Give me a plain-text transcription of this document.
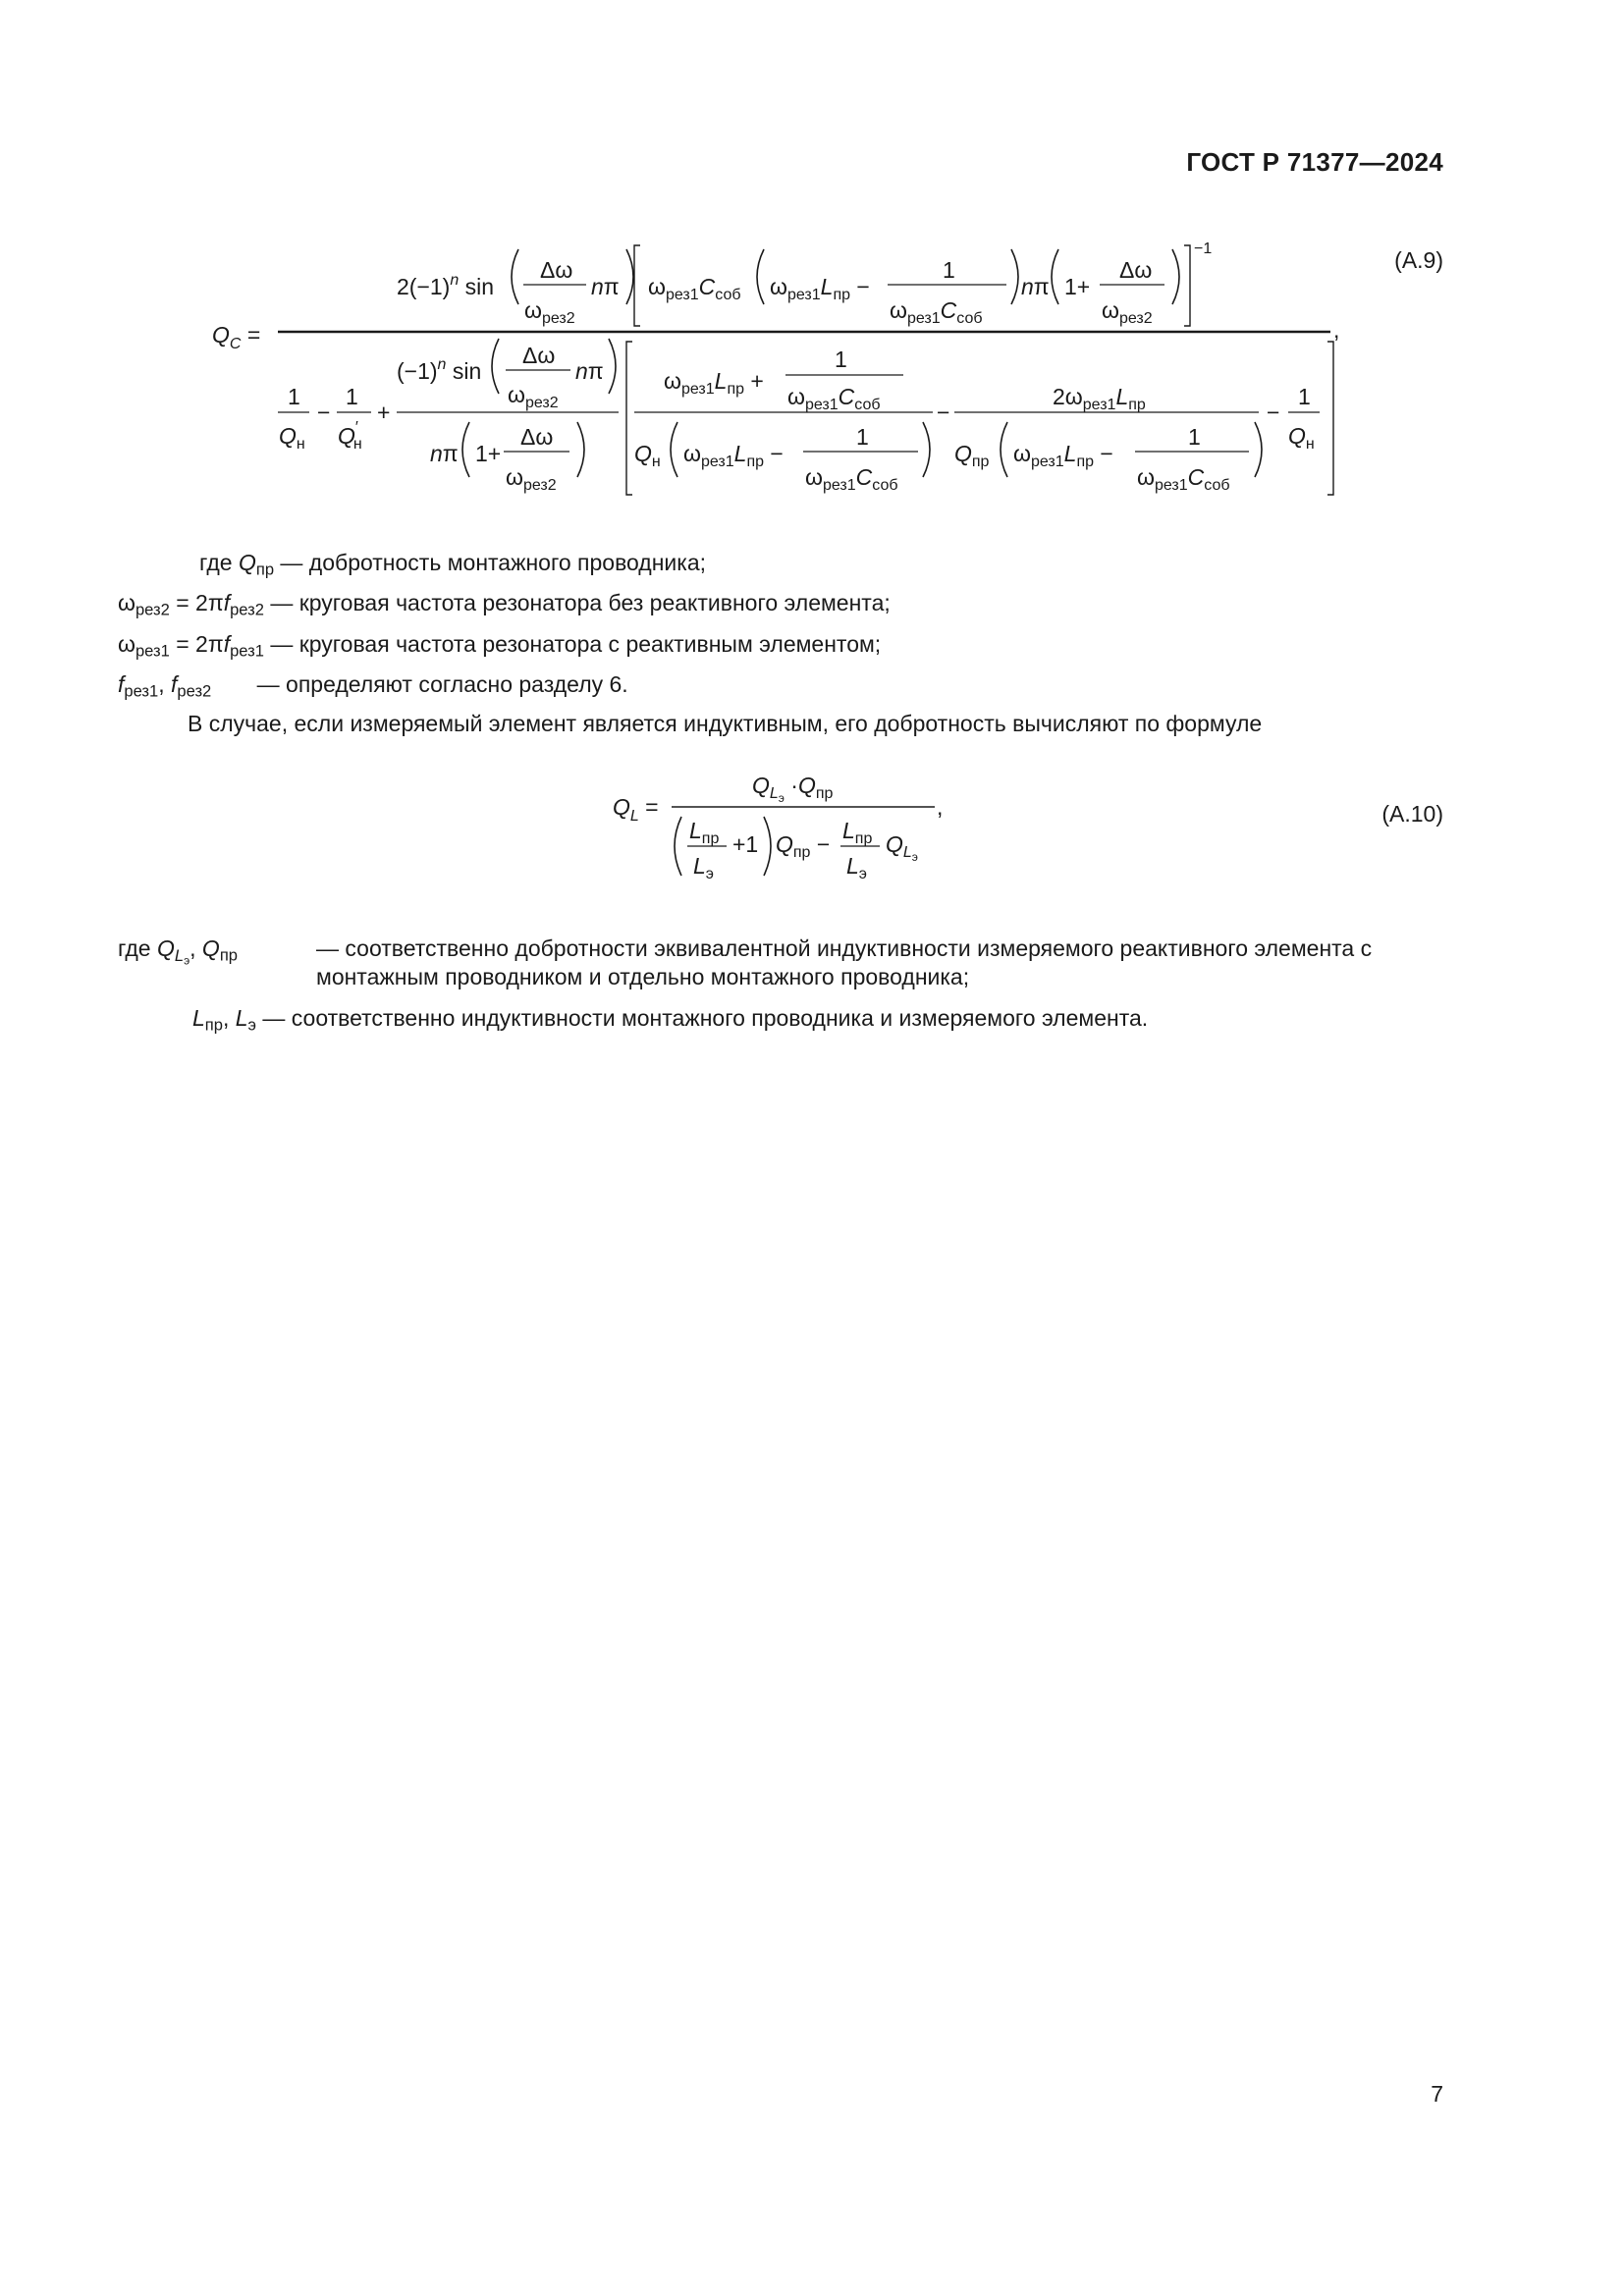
ГОСТ Р 71377—2024
$Q_C$ =	,
$2(-1)^n$ sin
Δω
$\omega_{рез2}$
nπ $\omega_{рез1}C_{соб}$ $\omega_{рез1}L_{пр}$ −
1
$\omega_{рез1}C_{соб}$
nπ 1+
Δω
$\omega_{рез2}$
−1
1
$Q_н$
−
1
Q′ н
+
$(-1)^n$ sin
Δω
$\omega_{рез2}$
nπ
nπ 1+
Δω
$\omega_{рез2}$
$\omega_{рез1}L_{пр}$ +
1
$\omega_{рез1}C_{соб}$
$Q_н$ $\omega_{рез1}L_{пр}$ −
1
$\omega_{рез1}C_{соб}$
−
$2\omega_{рез1}L_{пр}$
$Q_{пр}$ $\omega_{рез1}L_{пр}$ −
1
$\omega_{рез1}C_{соб}$
−
1
$Q_н$
$Q_L$ =
$Q_Lэ \cdot Q_{пр}$
,
$L_{пр}$
$L_э$
+1 $Q_{пр}$ −
$L_{пр}$
$L_э$
$Q_Lэ$
(A.9)
(A.10)
где $Q_{пр}$ — добротность монтажного проводника;
$\omega_{рез2} = 2\pi f_{рез2}$ — круговая частота резонатора без реактивного элемента;
$\omega_{рез1} = 2\pi f_{рез1}$ — круговая частота резонатора с реактивным элементом;
$f_{рез1}$, $f_{рез2}$ — определяют согласно разделу 6.
В случае, если измеряемый элемент является индуктивным, его добротность вычисляют по формуле
где $Q_{L_э}$, $Q_{пр}$	— соответственно добротности эквивалентной индуктивности измеряемого реактивного элемента с монтажным проводником и отдельно монтажного проводника;
$L_{пр}$, $L_э$ — соответственно индуктивности монтажного проводника и измеряемого элемента.
7
